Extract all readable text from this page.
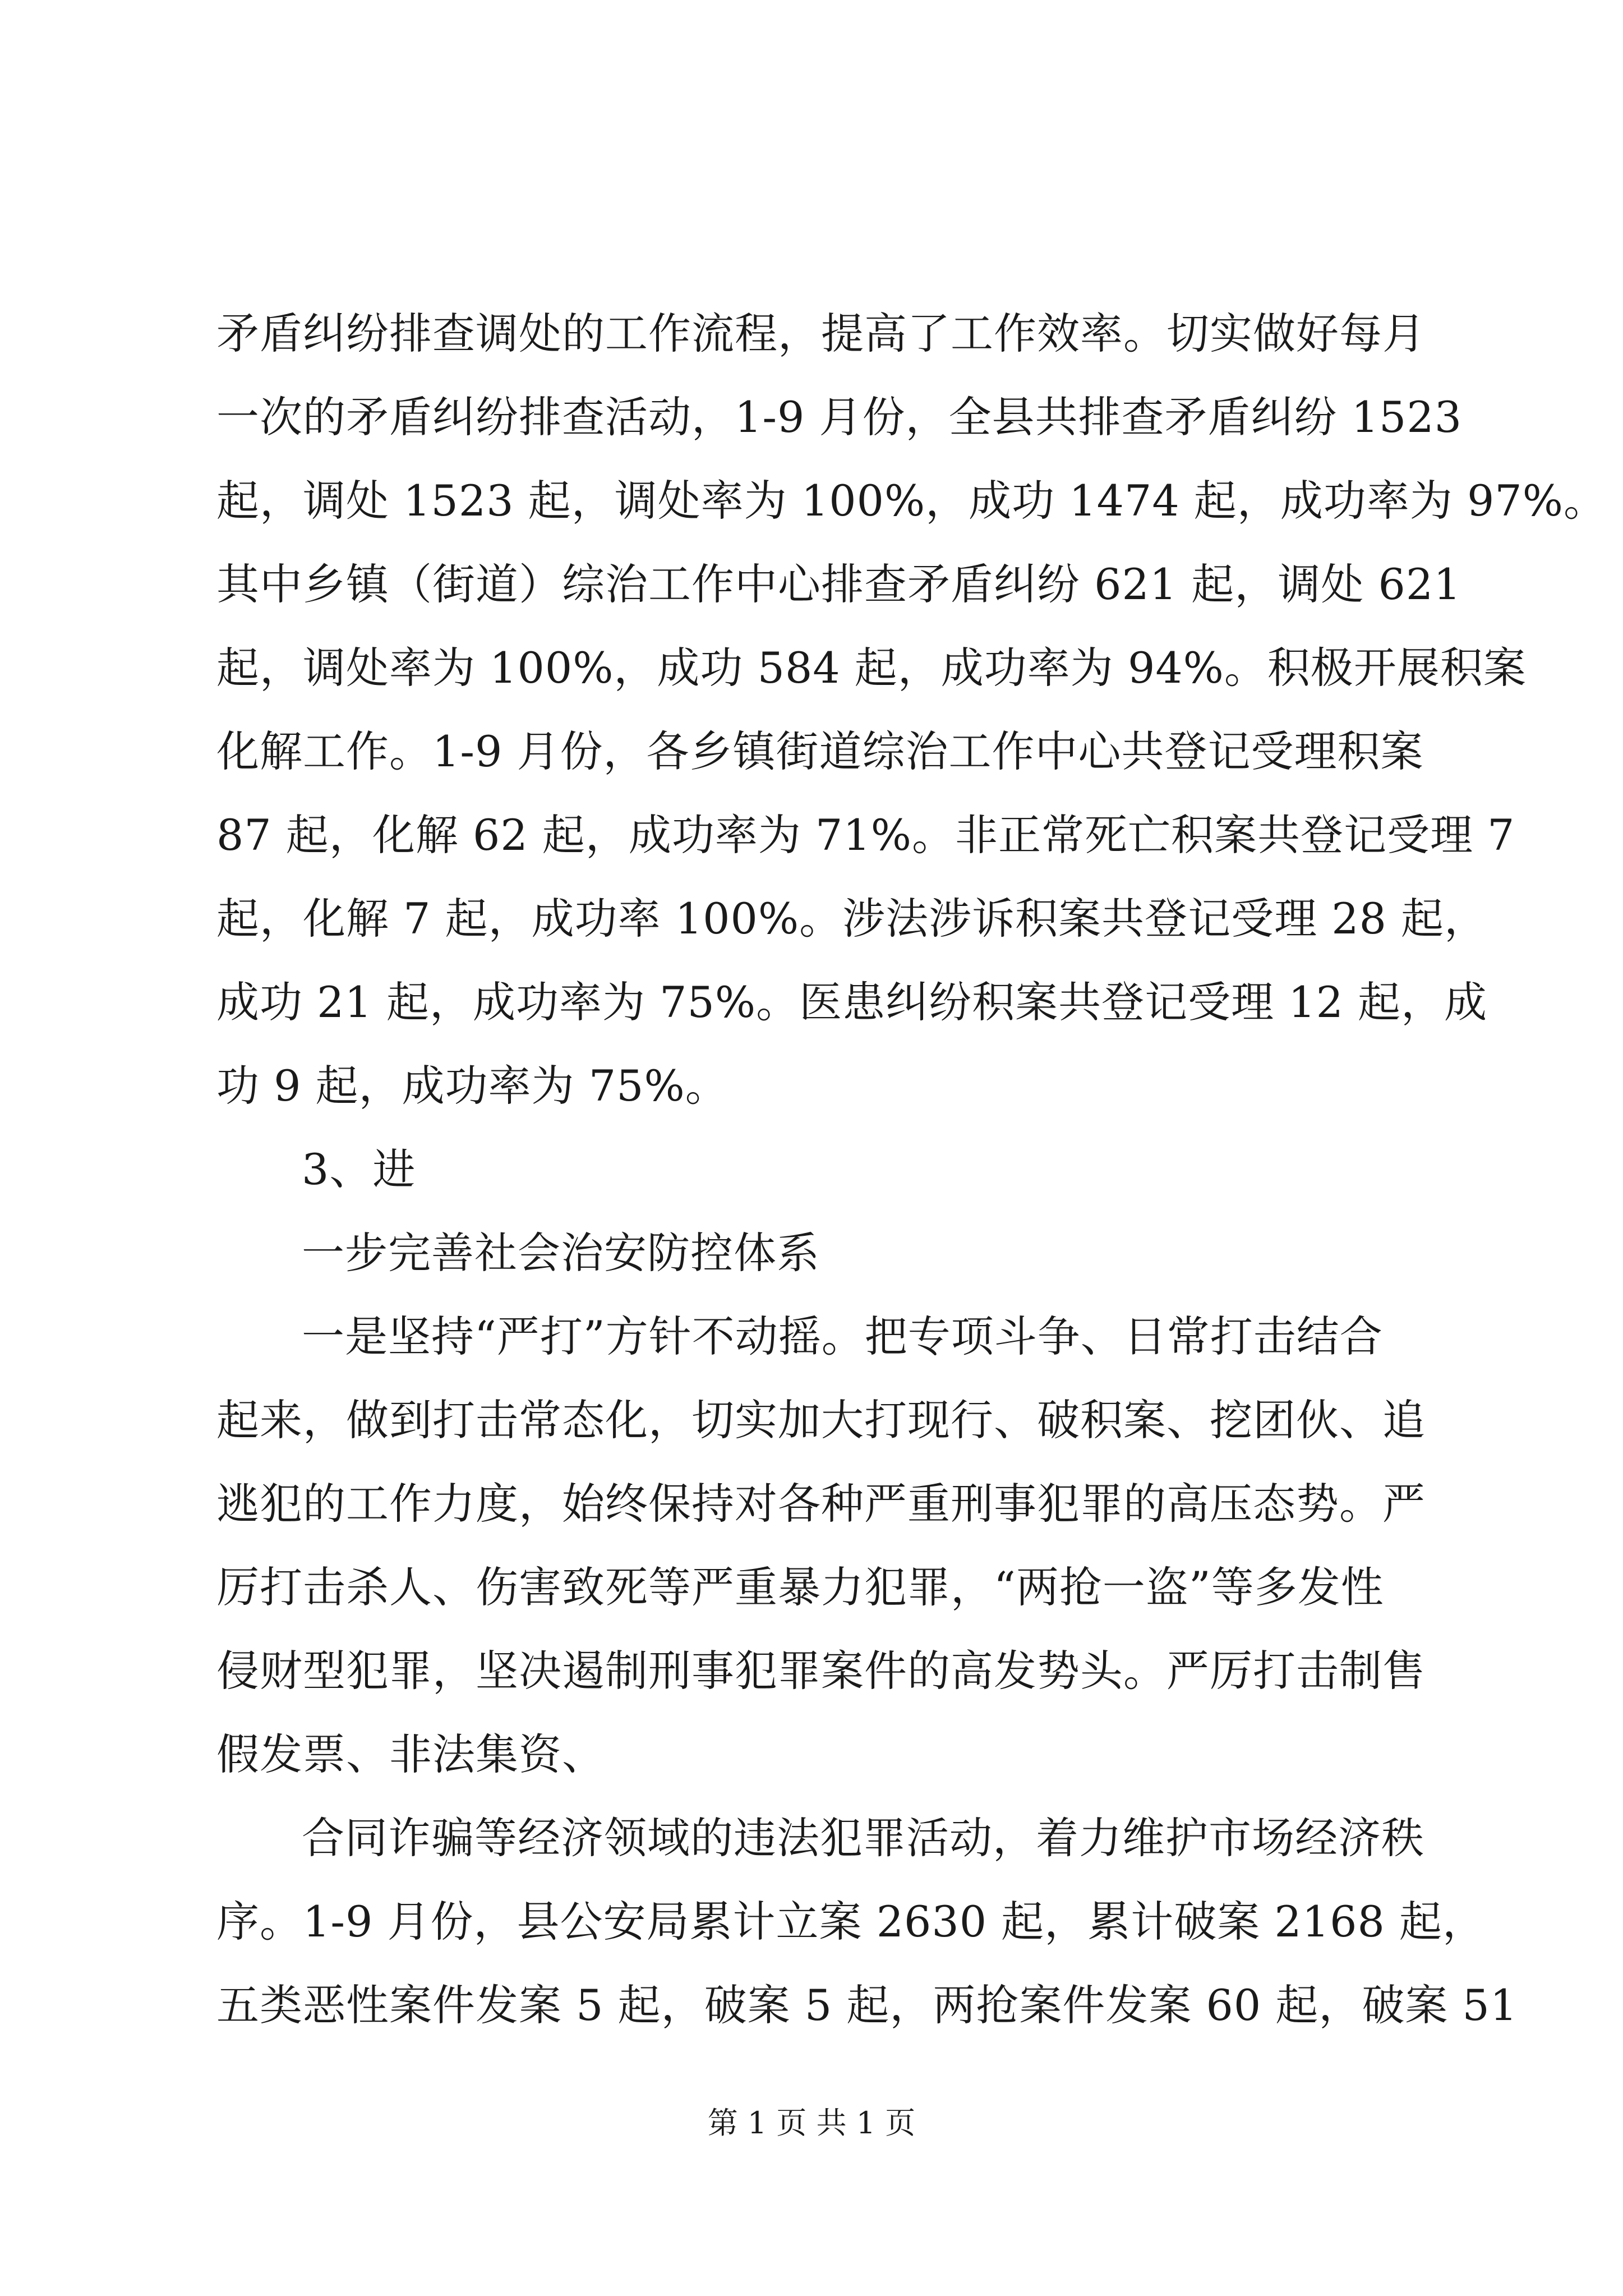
矛盾纠纷排查调处的工作流程，提高了工作效率。切实做好每月
一次的矛盾纠纷排查活动，1-9 月份，全县共排查矛盾纠纷 1523
起，调处 1523 起，调处率为 100%，成功 1474 起，成功率为 97%。
其中乡镇（街道）综治工作中心排查矛盾纠纷 621 起，调处 621
起，调处率为 100%，成功 584 起，成功率为 94%。积极开展积案
化解工作。1-9 月份，各乡镇街道综治工作中心共登记受理积案
87 起，化解 62 起，成功率为 71%。非正常死亡积案共登记受理 7
起，化解 7 起，成功率 100%。涉法涉诉积案共登记受理 28 起，
成功 21 起，成功率为 75%。医患纠纷积案共登记受理 12 起，成
功 9 起，成功率为 75%。
3、进
一步完善社会治安防控体系
一是坚持“严打”方针不动摇。把专项斗争、日常打击结合
起来，做到打击常态化，切实加大打现行、破积案、挖团伙、追
逃犯的工作力度，始终保持对各种严重刑事犯罪的高压态势。严
厉打击杀人、伤害致死等严重暴力犯罪，“两抢一盗”等多发性
侵财型犯罪，坚决遏制刑事犯罪案件的高发势头。严厉打击制售
假发票、非法集资、
合同诈骗等经济领域的违法犯罪活动，着力维护市场经济秩
序。1-9 月份，县公安局累计立案 2630 起，累计破案 2168 起，
五类恶性案件发案 5 起，破案 5 起，两抢案件发案 60 起，破案 51
第 1 页 共 1 页
